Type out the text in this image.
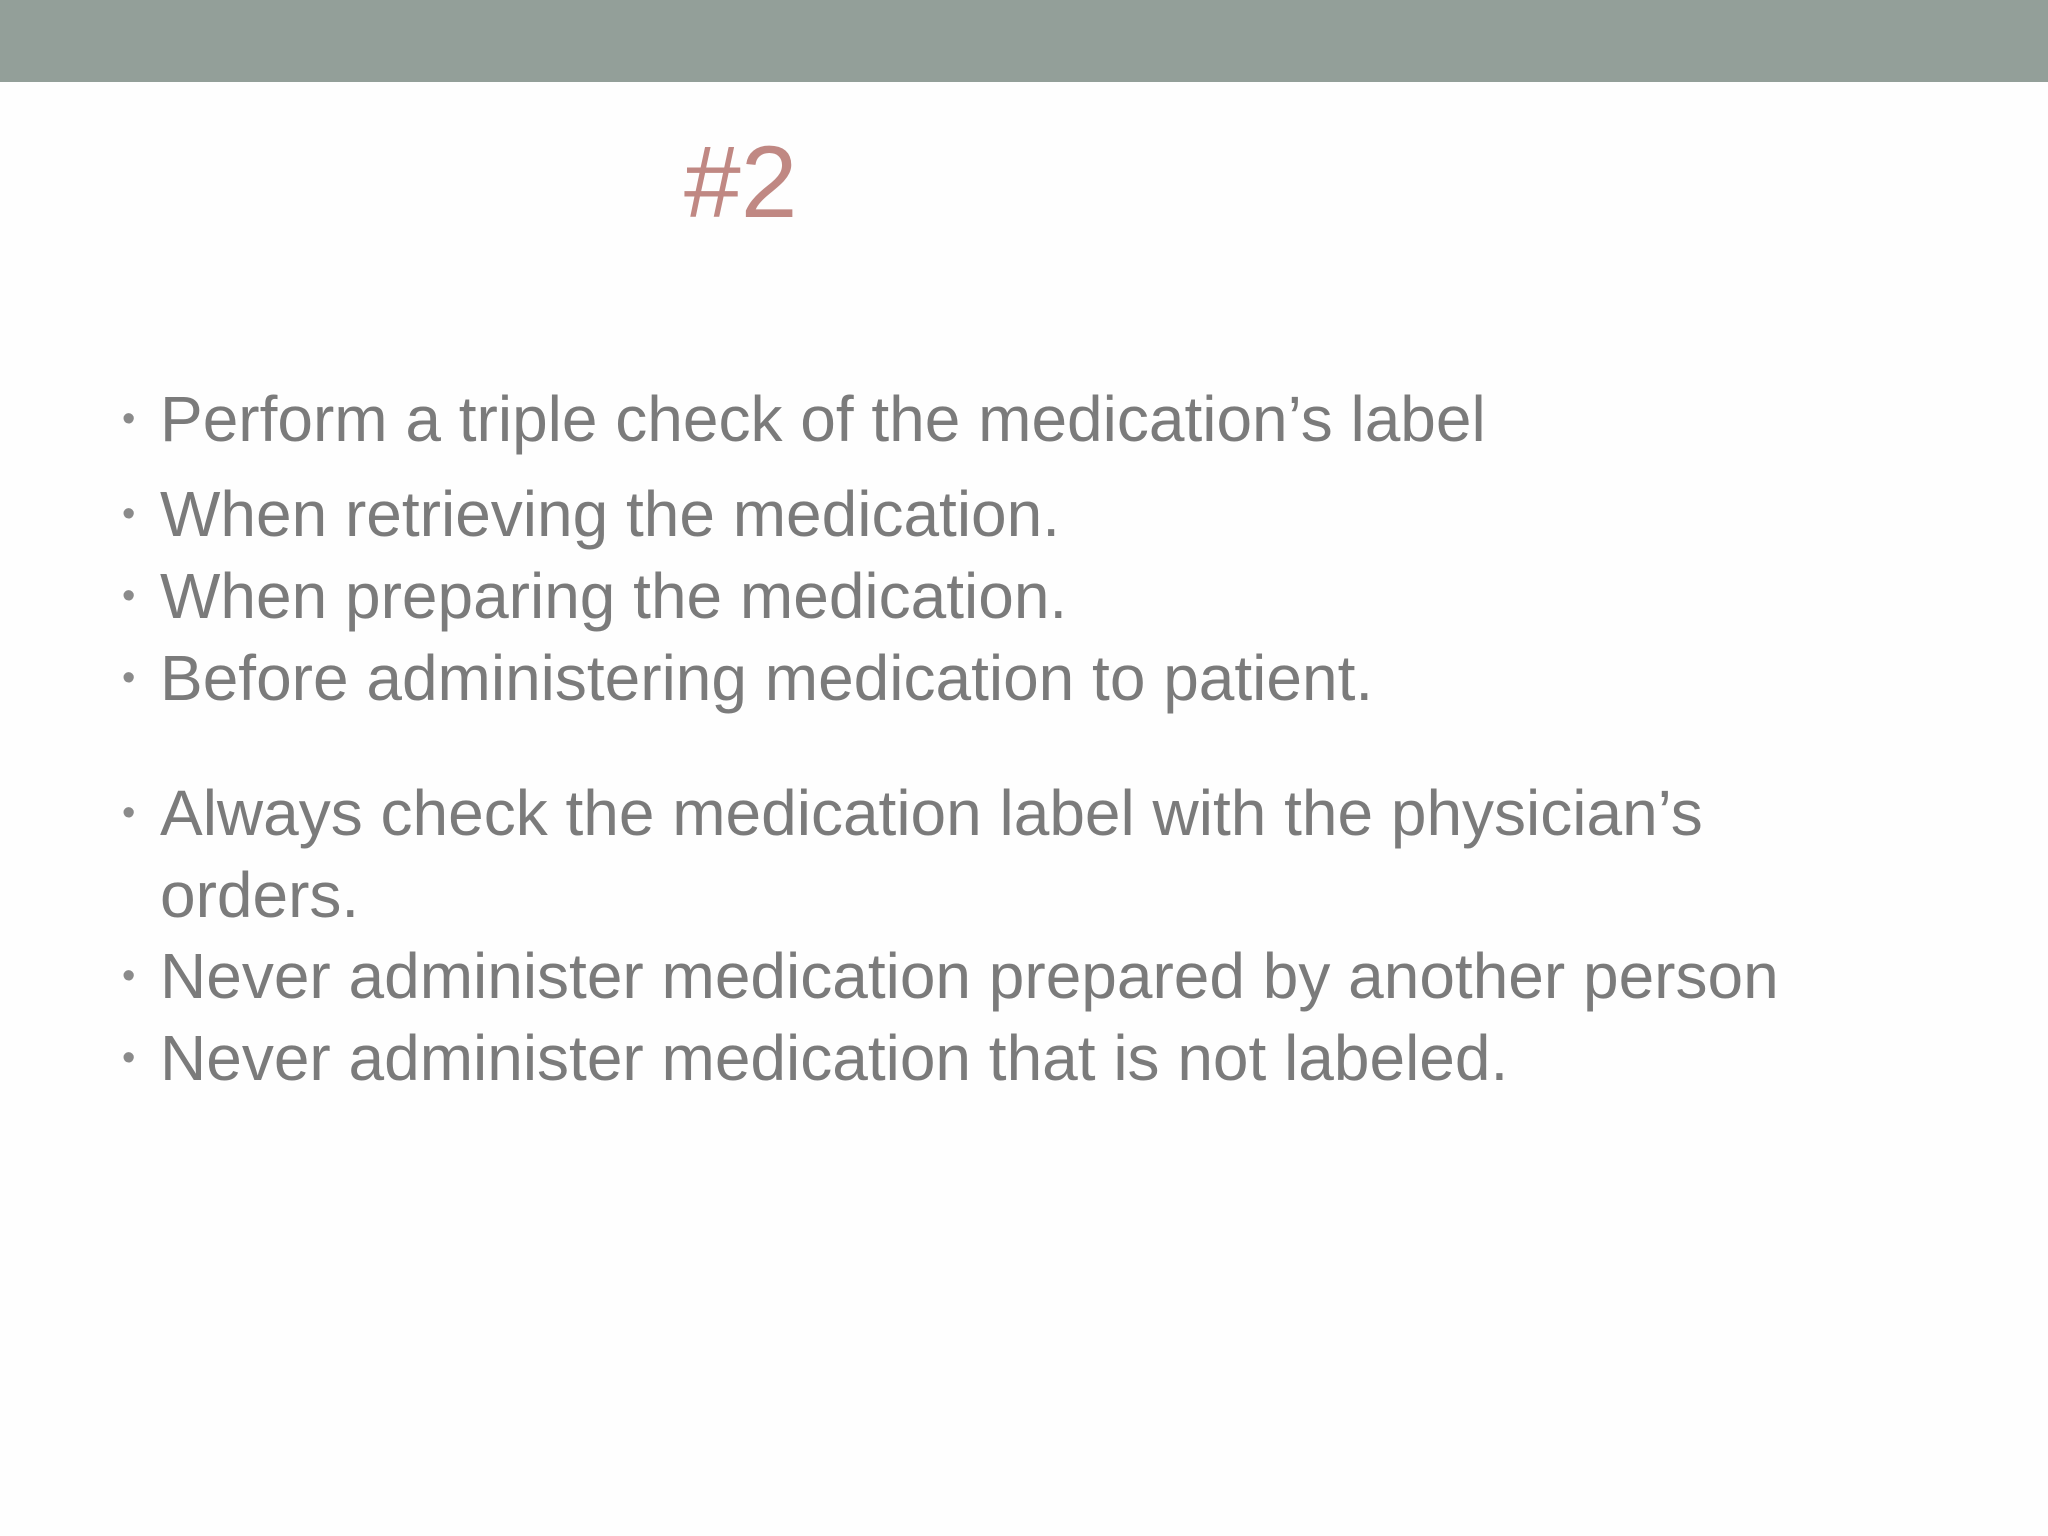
#2
• Perform a triple check of the medication’s label
• When retrieving the medication.
• When preparing the medication.
• Before administering medication to patient.
• Always check the medication label with the physician’s orders.
• Never administer medication prepared by another person
• Never administer medication that is not labeled.
